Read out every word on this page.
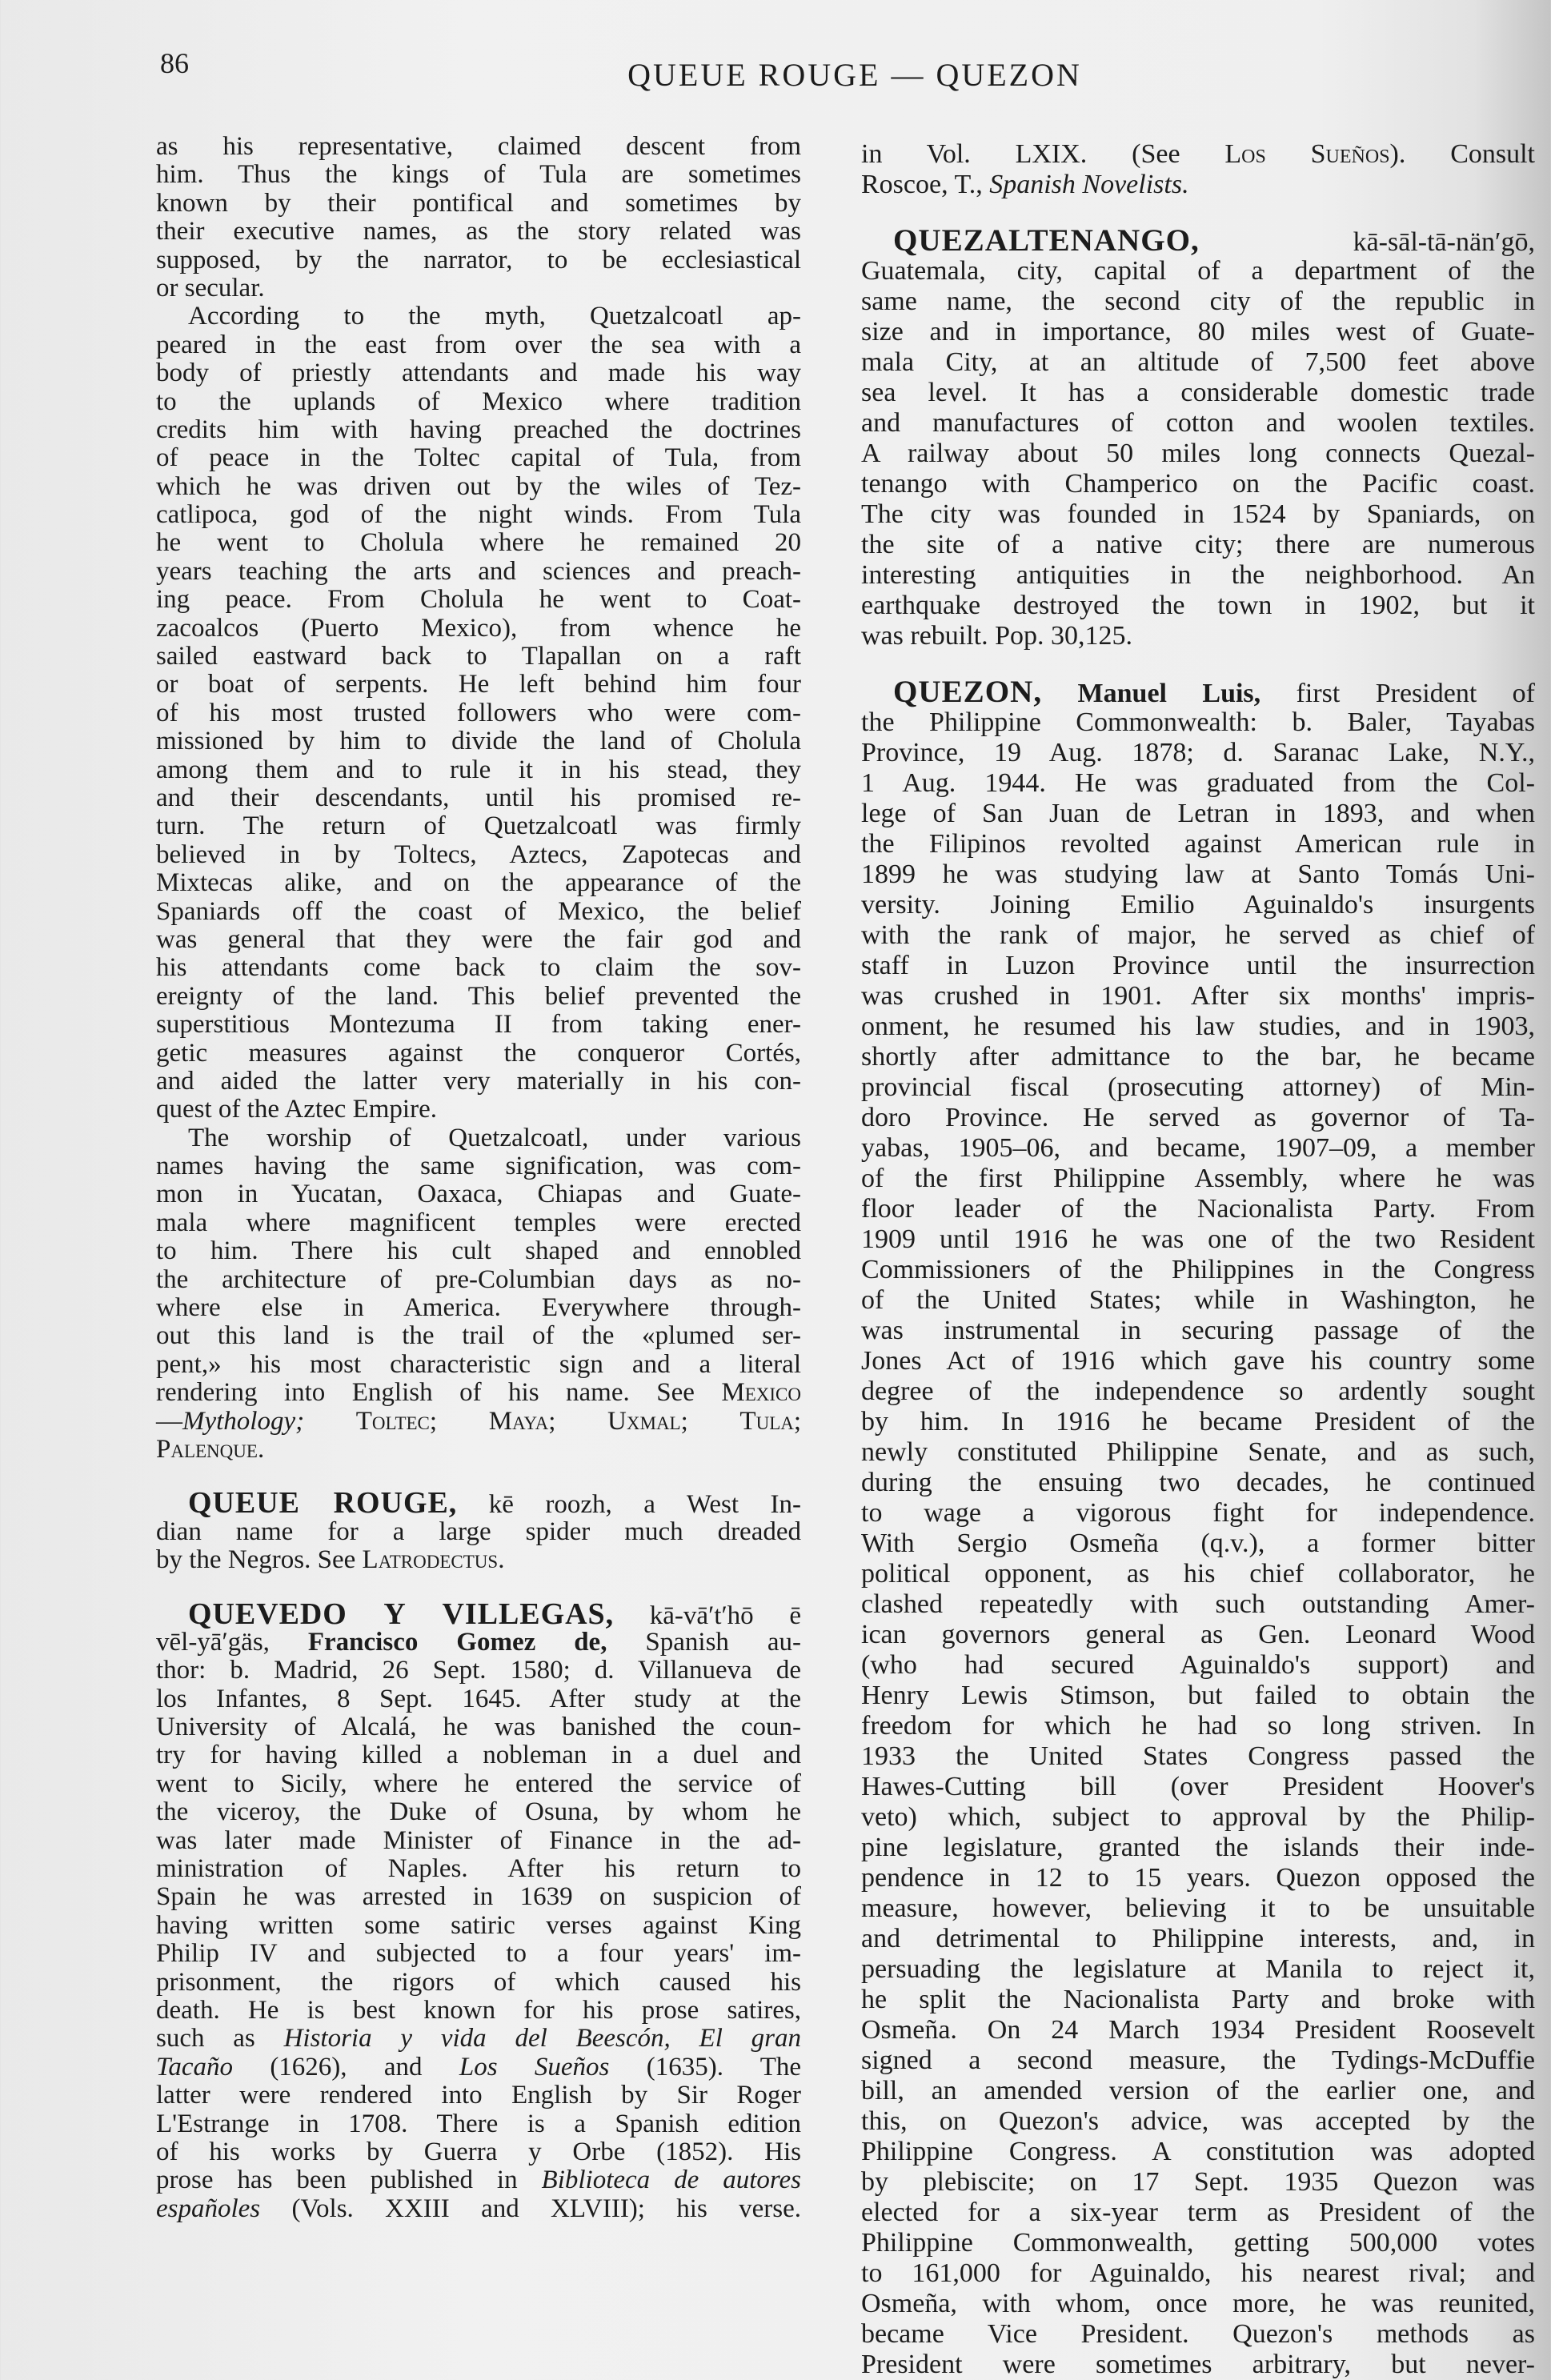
86	QUEUE ROUGE — QUEZON
as his representative, claimed descent from
him. Thus the kings of Tula are sometimes
known by their pontifical and sometimes by
their executive names, as the story related was
supposed, by the narrator, to be ecclesiastical
or secular.
According to the myth, Quetzalcoatl ap-
peared in the east from over the sea with a
body of priestly attendants and made his way
to the uplands of Mexico where tradition
credits him with having preached the doctrines
of peace in the Toltec capital of Tula, from
which he was driven out by the wiles of Tez-
catlipoca, god of the night winds. From Tula
he went to Cholula where he remained 20
years teaching the arts and sciences and preach-
ing peace. From Cholula he went to Coat-
zacoalcos (Puerto Mexico), from whence he
sailed eastward back to Tlapallan on a raft
or boat of serpents. He left behind him four
of his most trusted followers who were com-
missioned by him to divide the land of Cholula
among them and to rule it in his stead, they
and their descendants, until his promised re-
turn. The return of Quetzalcoatl was firmly
believed in by Toltecs, Aztecs, Zapotecas and
Mixtecas alike, and on the appearance of the
Spaniards off the coast of Mexico, the belief
was general that they were the fair god and
his attendants come back to claim the sov-
ereignty of the land. This belief prevented the
superstitious Montezuma II from taking ener-
getic measures against the conqueror Cortés,
and aided the latter very materially in his con-
quest of the Aztec Empire.
The worship of Quetzalcoatl, under various
names having the same signification, was com-
mon in Yucatan, Oaxaca, Chiapas and Guate-
mala where magnificent temples were erected
to him. There his cult shaped and ennobled
the architecture of pre-Columbian days as no-
where else in America. Everywhere through-
out this land is the trail of the «plumed ser-
pent,» his most characteristic sign and a literal
rendering into English of his name. See Mexico
—Mythology; Toltec; Maya; Uxmal; Tula;
Palenque.
QUEUE ROUGE, kē roozh, a West In-
dian name for a large spider much dreaded
by the Negros. See Latrodectus.
QUEVEDO Y VILLEGAS, kā-vā′t′hō ē
vēl-yā′gäs, Francisco Gomez de, Spanish au-
thor: b. Madrid, 26 Sept. 1580; d. Villanueva de
los Infantes, 8 Sept. 1645. After study at the
University of Alcalá, he was banished the coun-
try for having killed a nobleman in a duel and
went to Sicily, where he entered the service of
the viceroy, the Duke of Osuna, by whom he
was later made Minister of Finance in the ad-
ministration of Naples. After his return to
Spain he was arrested in 1639 on suspicion of
having written some satiric verses against King
Philip IV and subjected to a four years' im-
prisonment, the rigors of which caused his
death. He is best known for his prose satires,
such as Historia y vida del Beescón, El gran
Tacaño (1626), and Los Sueños (1635). The
latter were rendered into English by Sir Roger
L'Estrange in 1708. There is a Spanish edition
of his works by Guerra y Orbe (1852). His
prose has been published in Biblioteca de autores
españoles (Vols. XXIII and XLVIII); his verse.
in Vol. LXIX. (See Los Sueños). Consult
Roscoe, T., Spanish Novelists.
QUEZALTENANGO, kā-sāl-tā-nän′gō,
Guatemala, city, capital of a department of the
same name, the second city of the republic in
size and in importance, 80 miles west of Guate-
mala City, at an altitude of 7,500 feet above
sea level. It has a considerable domestic trade
and manufactures of cotton and woolen textiles.
A railway about 50 miles long connects Quezal-
tenango with Champerico on the Pacific coast.
The city was founded in 1524 by Spaniards, on
the site of a native city; there are numerous
interesting antiquities in the neighborhood. An
earthquake destroyed the town in 1902, but it
was rebuilt. Pop. 30,125.
QUEZON, Manuel Luis, first President of
the Philippine Commonwealth: b. Baler, Tayabas
Province, 19 Aug. 1878; d. Saranac Lake, N.Y.,
1 Aug. 1944. He was graduated from the Col-
lege of San Juan de Letran in 1893, and when
the Filipinos revolted against American rule in
1899 he was studying law at Santo Tomás Uni-
versity. Joining Emilio Aguinaldo's insurgents
with the rank of major, he served as chief of
staff in Luzon Province until the insurrection
was crushed in 1901. After six months' impris-
onment, he resumed his law studies, and in 1903,
shortly after admittance to the bar, he became
provincial fiscal (prosecuting attorney) of Min-
doro Province. He served as governor of Ta-
yabas, 1905–06, and became, 1907–09, a member
of the first Philippine Assembly, where he was
floor leader of the Nacionalista Party. From
1909 until 1916 he was one of the two Resident
Commissioners of the Philippines in the Congress
of the United States; while in Washington, he
was instrumental in securing passage of the
Jones Act of 1916 which gave his country some
degree of the independence so ardently sought
by him. In 1916 he became President of the
newly constituted Philippine Senate, and as such,
during the ensuing two decades, he continued
to wage a vigorous fight for independence.
With Sergio Osmeña (q.v.), a former bitter
political opponent, as his chief collaborator, he
clashed repeatedly with such outstanding Amer-
ican governors general as Gen. Leonard Wood
(who had secured Aguinaldo's support) and
Henry Lewis Stimson, but failed to obtain the
freedom for which he had so long striven. In
1933 the United States Congress passed the
Hawes-Cutting bill (over President Hoover's
veto) which, subject to approval by the Philip-
pine legislature, granted the islands their inde-
pendence in 12 to 15 years. Quezon opposed the
measure, however, believing it to be unsuitable
and detrimental to Philippine interests, and, in
persuading the legislature at Manila to reject it,
he split the Nacionalista Party and broke with
Osmeña. On 24 March 1934 President Roosevelt
signed a second measure, the Tydings-McDuffie
bill, an amended version of the earlier one, and
this, on Quezon's advice, was accepted by the
Philippine Congress. A constitution was adopted
by plebiscite; on 17 Sept. 1935 Quezon was
elected for a six-year term as President of the
Philippine Commonwealth, getting 500,000 votes
to 161,000 for Aguinaldo, his nearest rival; and
Osmeña, with whom, once more, he was reunited,
became Vice President. Quezon's methods as
President were sometimes arbitrary, but never-
